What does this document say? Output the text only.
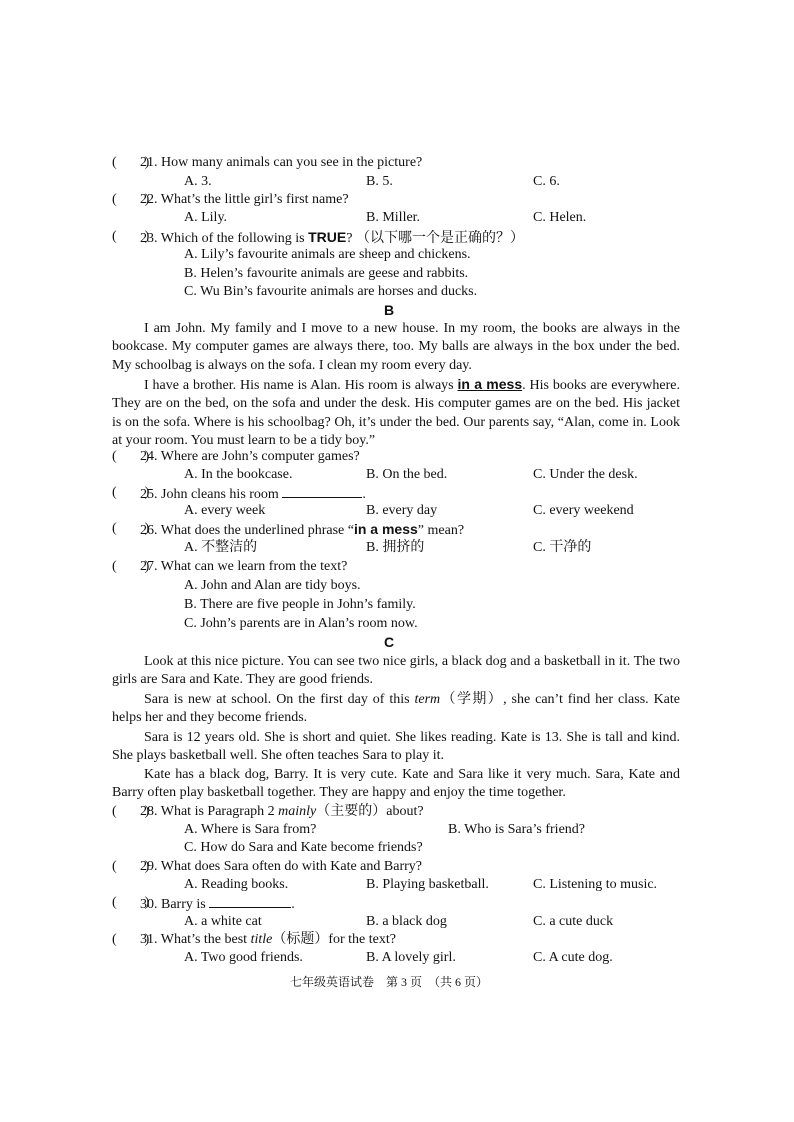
(　　)
21. How many animals can you see in the picture?
A. 3.	B. 5.	C. 6.
(　　)
22. What’s the little girl’s first name?
A. Lily.	B. Miller.	C. Helen.
(　　)
23. Which of the following is TRUE? （以下哪一个是正确的？）
A. Lily’s favourite animals are sheep and chickens.
B. Helen’s favourite animals are geese and rabbits.
C. Wu Bin’s favourite animals are horses and ducks.
B
I am John. My family and I move to a new house. In my room, the books are always in the bookcase. My computer games are always there, too. My balls are always in the box under the bed. My schoolbag is always on the sofa. I clean my room every day.
I have a brother. His name is Alan. His room is always in a mess. His books are everywhere. They are on the bed, on the sofa and under the desk. His computer games are on the bed. His jacket is on the sofa. Where is his schoolbag? Oh, it’s under the bed. Our parents say, “Alan, come in. Look at your room. You must learn to be a tidy boy.”
(　　)
24. Where are John’s computer games?
A. In the bookcase.	B. On the bed.	C. Under the desk.
(　　)
25. John cleans his room	.
A. every week	B. every day	C. every weekend
(　　)
26. What does the underlined phrase “in a mess” mean?
A. 不整洁的	B. 拥挤的	C. 干净的
(　　)
27. What can we learn from the text?
A. John and Alan are tidy boys.
B. There are five people in John’s family.
C. John’s parents are in Alan’s room now.
C
Look at this nice picture. You can see two nice girls, a black dog and a basketball in it. The two girls are Sara and Kate. They are good friends.
Sara is new at school. On the first day of this term（学期）, she can’t find her class. Kate helps her and they become friends.
Sara is 12 years old. She is short and quiet. She likes reading. Kate is 13. She is tall and kind. She plays basketball well. She often teaches Sara to play it.
Kate has a black dog, Barry. It is very cute. Kate and Sara like it very much. Sara, Kate and Barry often play basketball together. They are happy and enjoy the time together.
(　　)
28. What is Paragraph 2 mainly（主要的）about?
A. Where is Sara from?	B. Who is Sara’s friend?
C. How do Sara and Kate become friends?
(　　)
29. What does Sara often do with Kate and Barry?
A. Reading books.	B. Playing basketball.	C. Listening to music.
(　　)
30. Barry is	.
A. a white cat	B. a black dog	C. a cute duck
(　　)
31. What’s the best title（标题）for the text?
A. Two good friends.	B. A lovely girl.	C. A cute dog.
七年级英语试卷　第 3 页　（共 6 页）
